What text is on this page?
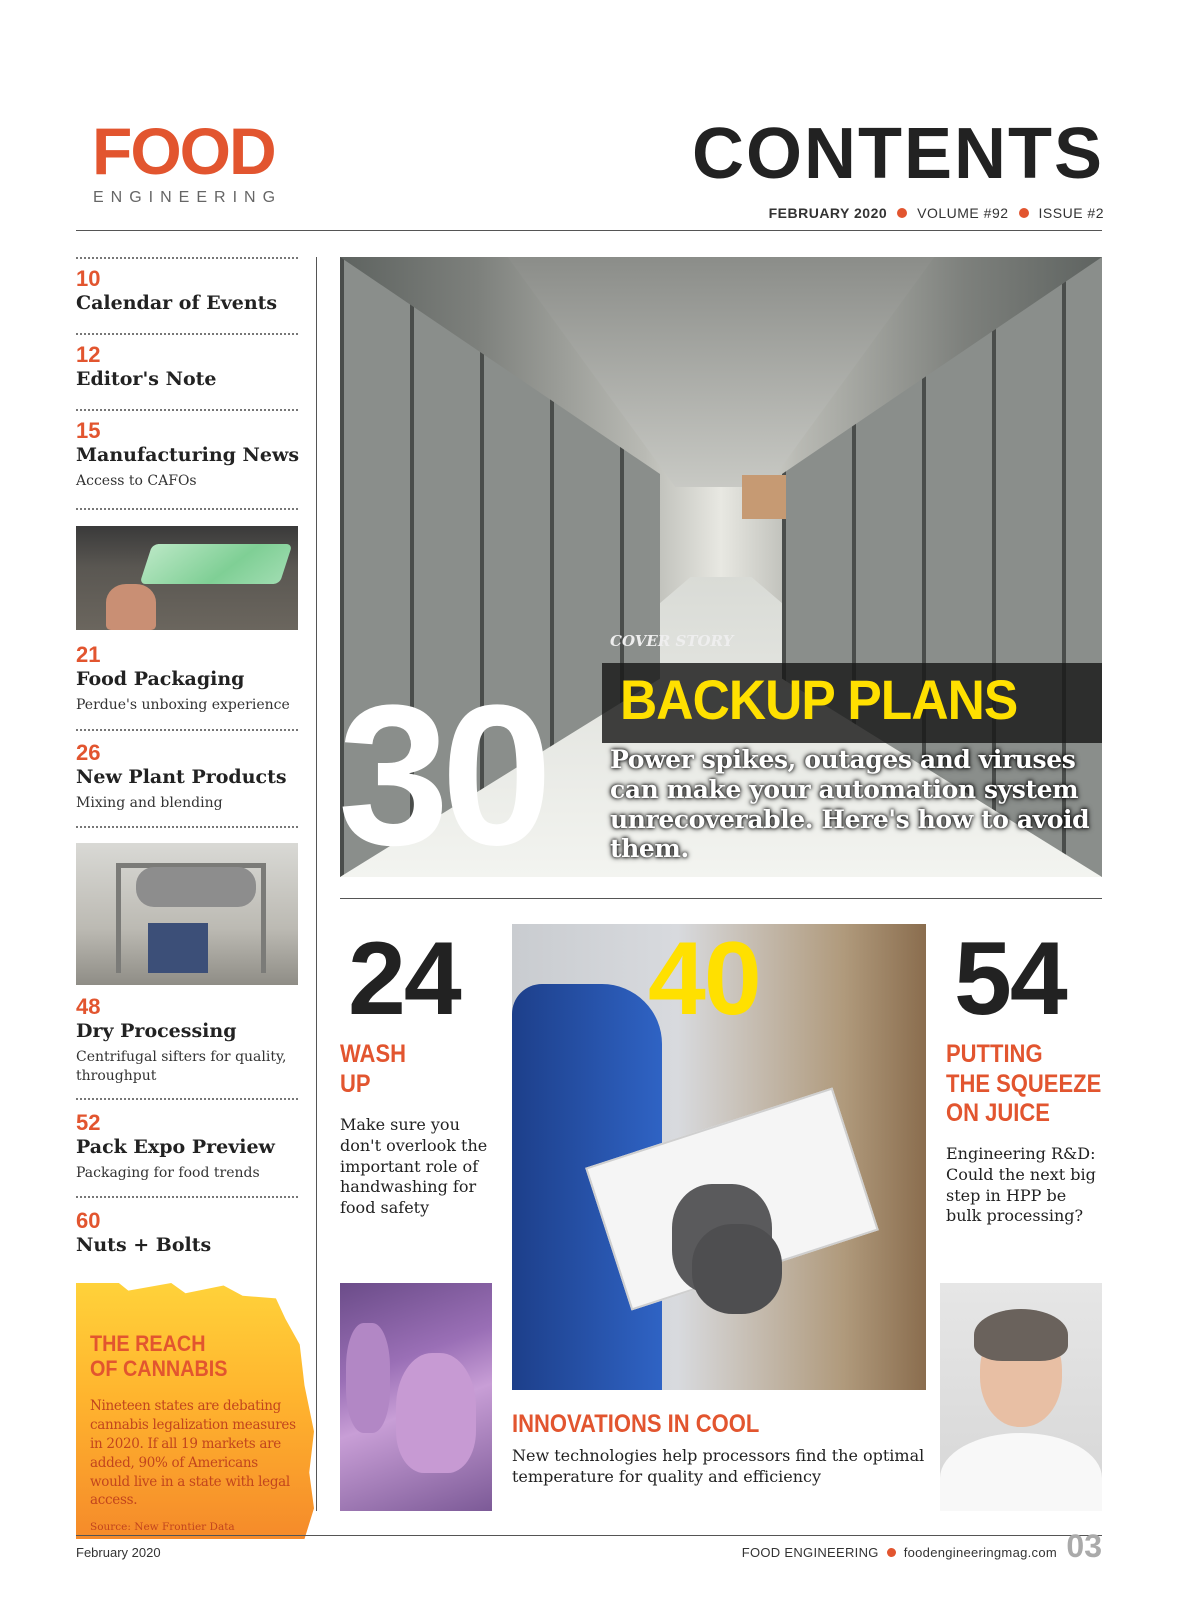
FOOD
ENGINEERING
CONTENTS
FEBRUARY 2020 VOLUME #92 ISSUE #2
10
Calendar of Events
12
Editor's Note
15
Manufacturing News
Access to CAFOs
21
Food Packaging
Perdue's unboxing experience
26
New Plant Products
Mixing and blending
48
Dry Processing
Centrifugal sifters for quality, throughput
52
Pack Expo Preview
Packaging for food trends
60
Nuts + Bolts
THE REACH
OF CANNABIS
Nineteen states are debating cannabis legalization measures in 2020. If all 19 markets are added, 90% of Americans would live in a state with legal access.
Source: New Frontier Data
COVER STORY
30 BACKUP PLANS
Power spikes, outages and viruses can make your automation system unrecoverable. Here's how to avoid them.
24
WASH
UP
Make sure you don't overlook the important role of handwashing for food safety
40
INNOVATIONS IN COOL
New technologies help processors find the optimal temperature for quality and efficiency
54
PUTTING
THE SQUEEZE
ON JUICE
Engineering R&D: Could the next big step in HPP be bulk processing?
February 2020	FOOD ENGINEERING foodengineeringmag.com 03
